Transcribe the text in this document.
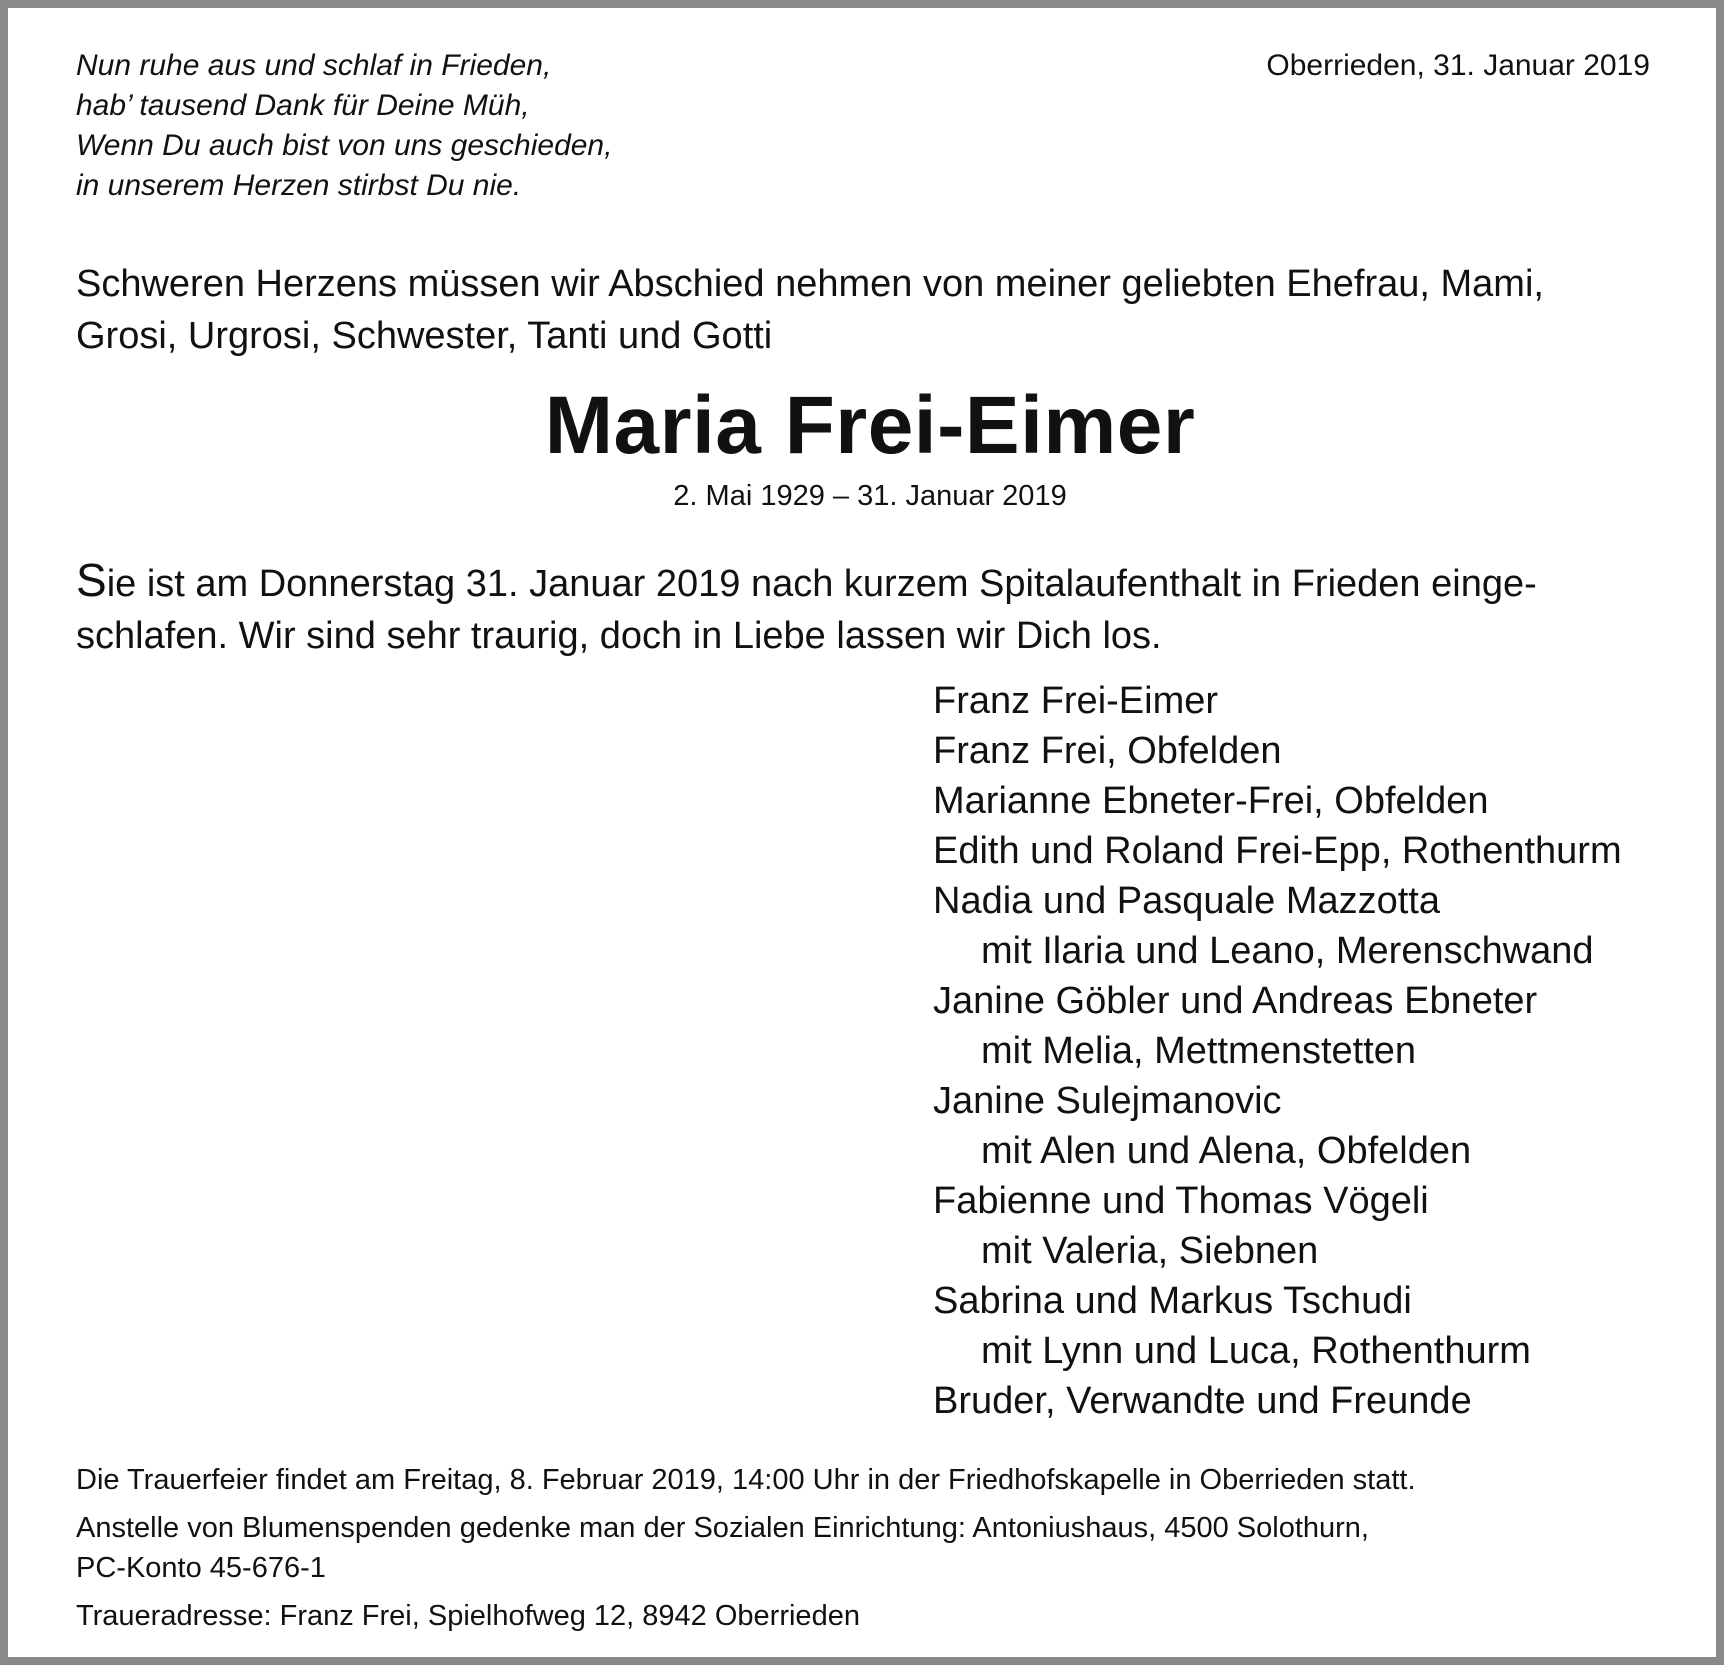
Nun ruhe aus und schlaf in Frieden,
hab’ tausend Dank für Deine Müh,
Wenn Du auch bist von uns geschieden,
in unserem Herzen stirbst Du nie.
Oberrieden, 31. Januar 2019
Schweren Herzens müssen wir Abschied nehmen von meiner geliebten Ehefrau, Mami,
Grosi, Urgrosi, Schwester, Tanti und Gotti
Maria Frei-Eimer
2. Mai 1929 – 31. Januar 2019
Sie ist am Donnerstag 31. Januar 2019 nach kurzem Spitalaufenthalt in Frieden einge-
schlafen. Wir sind sehr traurig, doch in Liebe lassen wir Dich los.
Franz Frei-Eimer
Franz Frei, Obfelden
Marianne Ebneter-Frei, Obfelden
Edith und Roland Frei-Epp, Rothenthurm
Nadia und Pasquale Mazzotta
mit Ilaria und Leano, Merenschwand
Janine Göbler und Andreas Ebneter
mit Melia, Mettmenstetten
Janine Sulejmanovic
mit Alen und Alena, Obfelden
Fabienne und Thomas Vögeli
mit Valeria, Siebnen
Sabrina und Markus Tschudi
mit Lynn und Luca, Rothenthurm
Bruder, Verwandte und Freunde
Die Trauerfeier findet am Freitag, 8. Februar 2019, 14:00 Uhr in der Friedhofskapelle in Oberrieden statt.
Anstelle von Blumenspenden gedenke man der Sozialen Einrichtung: Antoniushaus, 4500 Solothurn,
PC-Konto 45-676-1
Traueradresse: Franz Frei, Spielhofweg 12, 8942 Oberrieden
